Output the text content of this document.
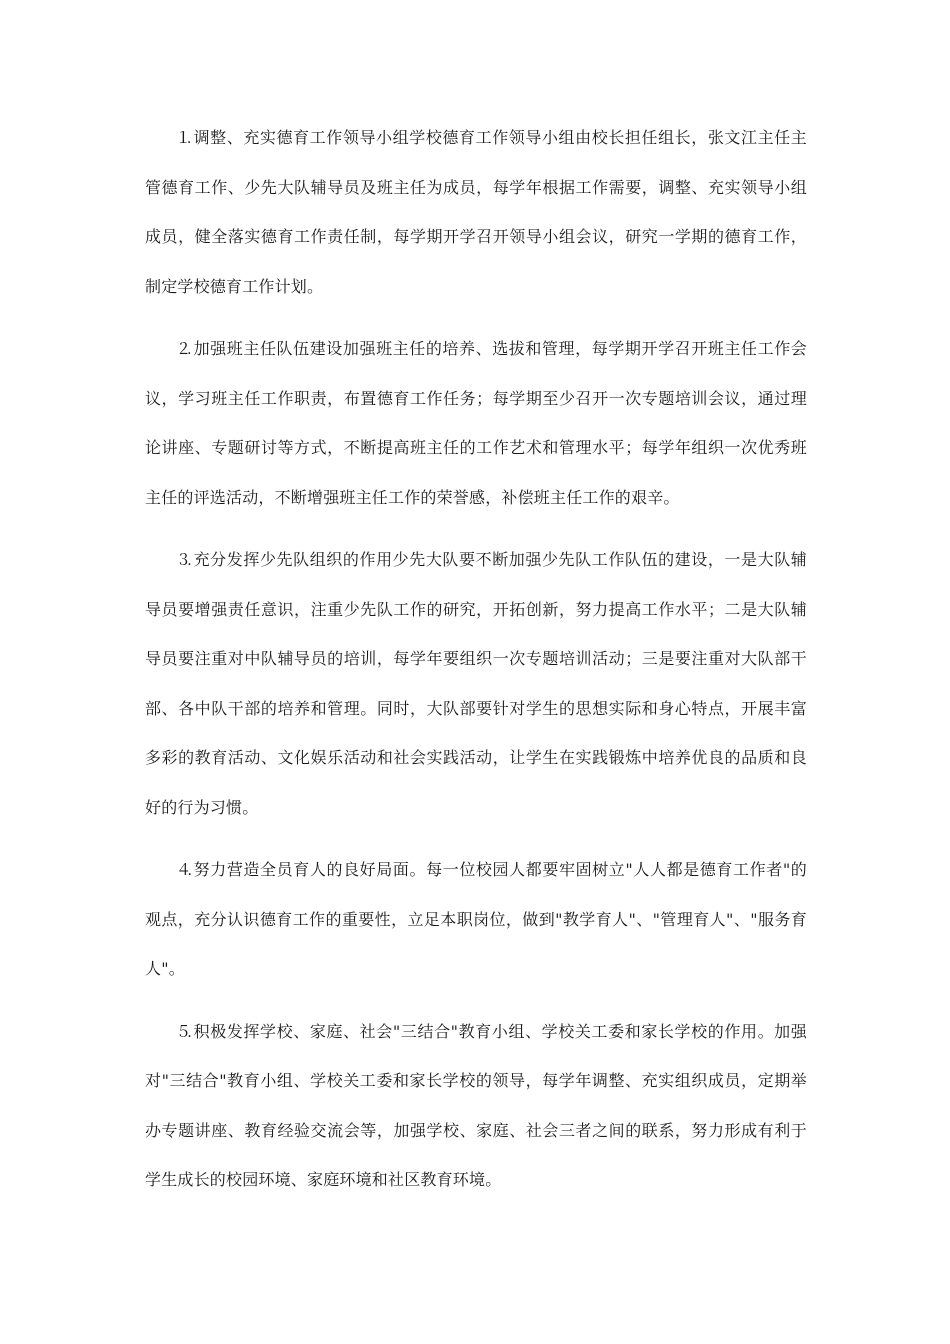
⒈调整、充实德育工作领导小组学校德育工作领导小组由校长担任组长，张文江主任主管德育工作、少先大队辅导员及班主任为成员，每学年根据工作需要，调整、充实领导小组成员，健全落实德育工作责任制，每学期开学召开领导小组会议，研究一学期的德育工作，制定学校德育工作计划。

⒉加强班主任队伍建设加强班主任的培养、选拔和管理，每学期开学召开班主任工作会议，学习班主任工作职责，布置德育工作任务；每学期至少召开一次专题培训会议，通过理论讲座、专题研讨等方式，不断提高班主任的工作艺术和管理水平；每学年组织一次优秀班主任的评选活动，不断增强班主任工作的荣誉感，补偿班主任工作的艰辛。

⒊充分发挥少先队组织的作用少先大队要不断加强少先队工作队伍的建设，一是大队辅导员要增强责任意识，注重少先队工作的研究，开拓创新，努力提高工作水平；二是大队辅导员要注重对中队辅导员的培训，每学年要组织一次专题培训活动；三是要注重对大队部干部、各中队干部的培养和管理。同时，大队部要针对学生的思想实际和身心特点，开展丰富多彩的教育活动、文化娱乐活动和社会实践活动，让学生在实践锻炼中培养优良的品质和良好的行为习惯。

⒋努力营造全员育人的良好局面。每一位校园人都要牢固树立"人人都是德育工作者"的观点，充分认识德育工作的重要性，立足本职岗位，做到"教学育人"、"管理育人"、"服务育人"。

⒌积极发挥学校、家庭、社会"三结合"教育小组、学校关工委和家长学校的作用。加强对"三结合"教育小组、学校关工委和家长学校的领导，每学年调整、充实组织成员，定期举办专题讲座、教育经验交流会等，加强学校、家庭、社会三者之间的联系，努力形成有利于学生成长的校园环境、家庭环境和社区教育环境。
